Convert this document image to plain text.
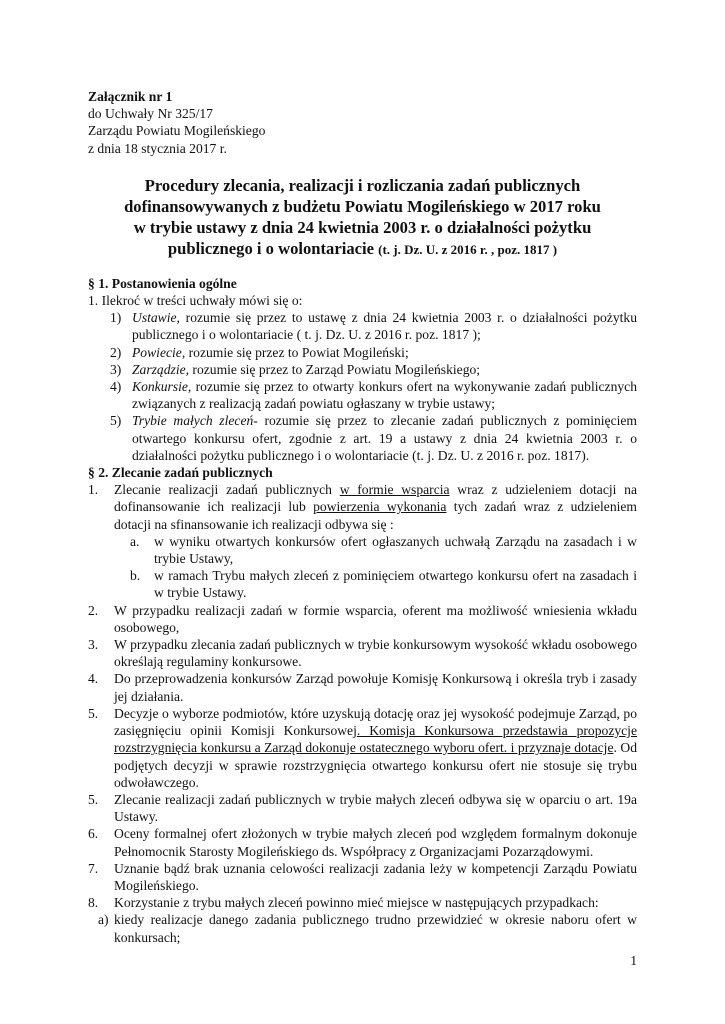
Załącznik nr 1
do Uchwały Nr 325/17
Zarządu Powiatu Mogileńskiego
z dnia 18 stycznia 2017 r.
Procedury zlecania, realizacji i rozliczania zadań publicznych
dofinansowywanych z budżetu Powiatu Mogileńskiego w 2017 roku
w trybie ustawy z dnia 24 kwietnia 2003 r. o działalności pożytku
publicznego i o wolontariacie (t. j. Dz. U. z 2016 r. , poz. 1817 )
§ 1. Postanowienia ogólne
1. Ilekroć w treści uchwały mówi się o:
1) Ustawie, rozumie się przez to ustawę z dnia 24 kwietnia 2003 r. o działalności pożytku publicznego i o wolontariacie ( t. j. Dz. U. z 2016 r. poz. 1817 );
2) Powiecie, rozumie się przez to Powiat Mogileński;
3) Zarządzie, rozumie się przez to Zarząd Powiatu Mogileńskiego;
4) Konkursie, rozumie się przez to otwarty konkurs ofert na wykonywanie zadań publicznych związanych z realizacją zadań powiatu ogłaszany w trybie ustawy;
5) Trybie małych zleceń- rozumie się przez to zlecanie zadań publicznych z pominięciem otwartego konkursu ofert, zgodnie z art. 19 a ustawy z dnia 24 kwietnia 2003 r. o działalności pożytku publicznego i o wolontariacie (t. j. Dz. U. z 2016 r. poz. 1817).
§ 2. Zlecanie zadań publicznych
1.	Zlecanie realizacji zadań publicznych w formie wsparcia wraz z udzieleniem dotacji na dofinansowanie ich realizacji lub powierzenia wykonania tych zadań wraz z udzieleniem dotacji na sfinansowanie ich realizacji odbywa się :
a.	w wyniku otwartych konkursów ofert ogłaszanych uchwałą Zarządu na zasadach i w trybie Ustawy,
b.	w ramach Trybu małych zleceń z pominięciem otwartego konkursu ofert na zasadach i w trybie Ustawy.
2.	W przypadku realizacji zadań w formie wsparcia, oferent ma możliwość wniesienia wkładu osobowego,
3.	W przypadku zlecania zadań publicznych w trybie konkursowym wysokość wkładu osobowego określają regulaminy konkursowe.
4.	Do przeprowadzenia konkursów Zarząd powołuje Komisję Konkursową i określa tryb i zasady jej działania.
5.	Decyzje o wyborze podmiotów, które uzyskują dotację oraz jej wysokość podejmuje Zarząd, po zasięgnięciu opinii Komisji Konkursowej. Komisja Konkursowa przedstawia propozycje rozstrzygnięcia konkursu a Zarząd dokonuje ostatecznego wyboru ofert. i przyznaje dotacje. Od podjętych decyzji w sprawie rozstrzygnięcia otwartego konkursu ofert nie stosuje się trybu odwoławczego.
5.	Zlecanie realizacji zadań publicznych w trybie małych zleceń odbywa się w oparciu o art. 19a Ustawy.
6.	Oceny formalnej ofert złożonych w trybie małych zleceń pod względem formalnym dokonuje Pełnomocnik Starosty Mogileńskiego ds. Współpracy z Organizacjami Pozarządowymi.
7.	Uznanie bądź brak uznania celowości realizacji zadania leży w kompetencji Zarządu Powiatu Mogileńskiego.
8.	Korzystanie z trybu małych zleceń powinno mieć miejsce w następujących przypadkach:
a) kiedy realizacje danego zadania publicznego trudno przewidzieć w okresie naboru ofert w konkursach;
1
